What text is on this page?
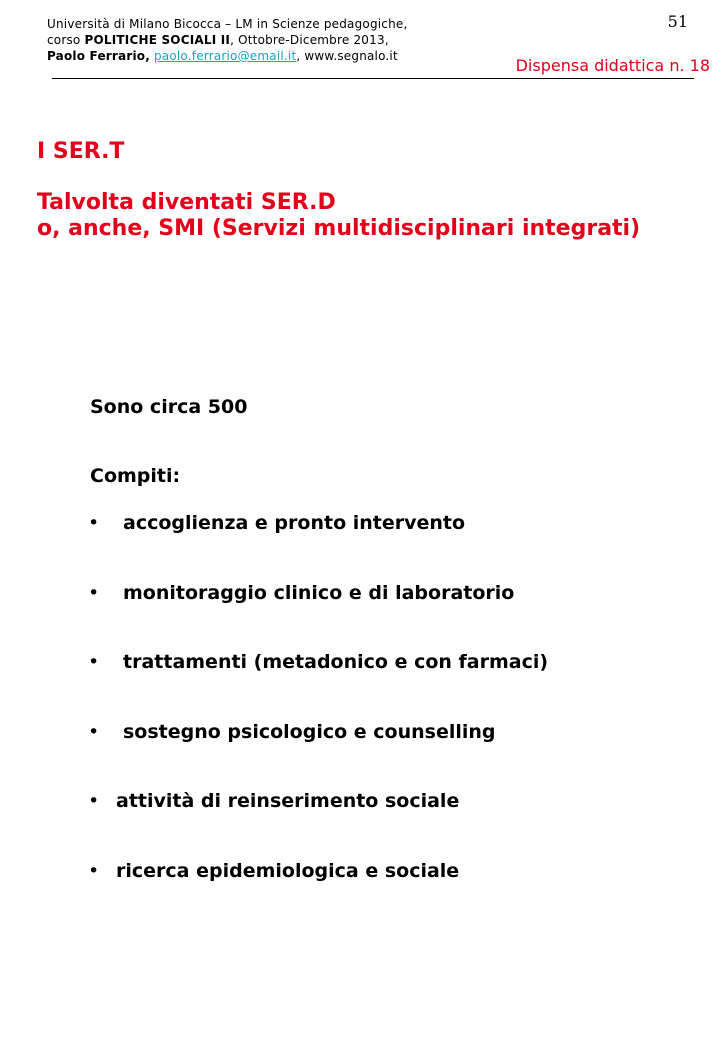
Università di Milano Bicocca – LM in Scienze pedagogiche,
corso POLITICHE SOCIALI II, Ottobre-Dicembre 2013,
Paolo Ferrario, paolo.ferrario@email.it, www.segnalo.it
51
Dispensa didattica n. 18
I SER.T
Talvolta diventati SER.D
o, anche, SMI (Servizi multidisciplinari integrati)
Sono circa 500
Compiti:
•	accoglienza e pronto intervento
•	monitoraggio clinico e di laboratorio
•	trattamenti (metadonico e con farmaci)
•	sostegno psicologico e counselling
• attività di reinserimento sociale
• ricerca epidemiologica e sociale
